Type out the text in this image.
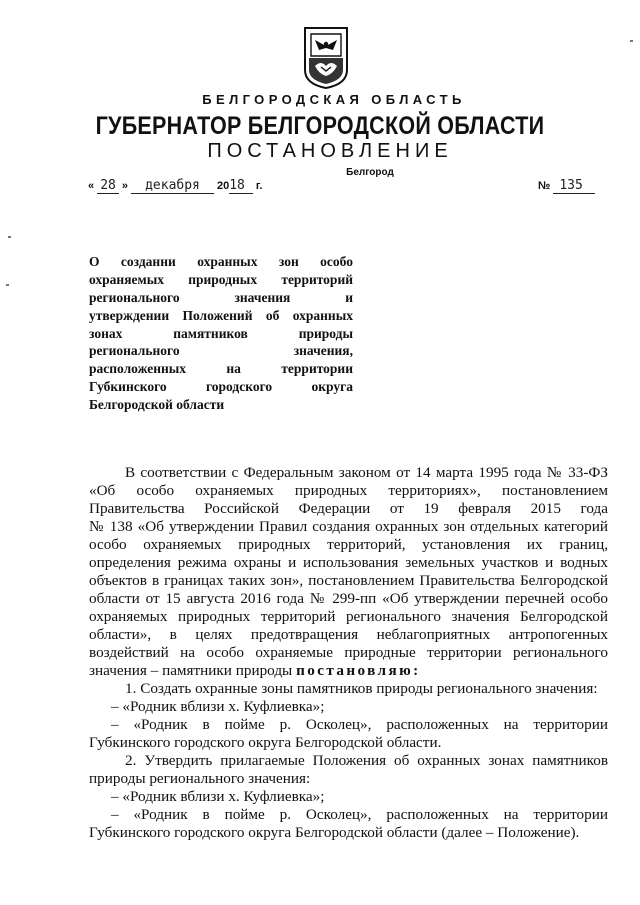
БЕЛГОРОДСКАЯ ОБЛАСТЬ
ГУБЕРНАТОР БЕЛГОРОДСКОЙ ОБЛАСТИ
ПОСТАНОВЛЕНИЕ
Белгород
« 28 » декабря 2018 г.	№ 135
О созданни охранных зон особо
охраняемых природных территорий
регионального значения и
утверждении Положений об охранных
зонах памятников природы
регионального значения,
расположенных на территории
Губкинского городского округа
Белгородской области
В соответствии с Федеральным законом от 14 марта 1995 года № 33-ФЗ
«Об особо охраняемых природных территориях», постановлением
Правительства Российской Федерации от 19 февраля 2015 года
№ 138 «Об утверждении Правил создания охранных зон отдельных категорий
особо охраняемых природных территорий, установления их границ,
определения режима охраны и использования земельных участков и водных
объектов в границах таких зон», постановлением Правительства Белгородской
области от 15 августа 2016 года № 299-пп «Об утверждении перечней особо
охраняемых природных территорий регионального значения Белгородской
области», в целях предотвращения неблагоприятных антропогенных
воздействий на особо охраняемые природные территории регионального
значения – памятники природы постановляю:
1. Создать охранные зоны памятников природы регионального значения:
– «Родник вблизи х. Куфлиевка»;
– «Родник в пойме р. Осколец», расположенных на территории
Губкинского городского округа Белгородской области.
2. Утвердить прилагаемые Положения об охранных зонах памятников
природы регионального значения:
– «Родник вблизи х. Куфлиевка»;
– «Родник в пойме р. Осколец», расположенных на территории
Губкинского городского округа Белгородской области (далее – Положение).
